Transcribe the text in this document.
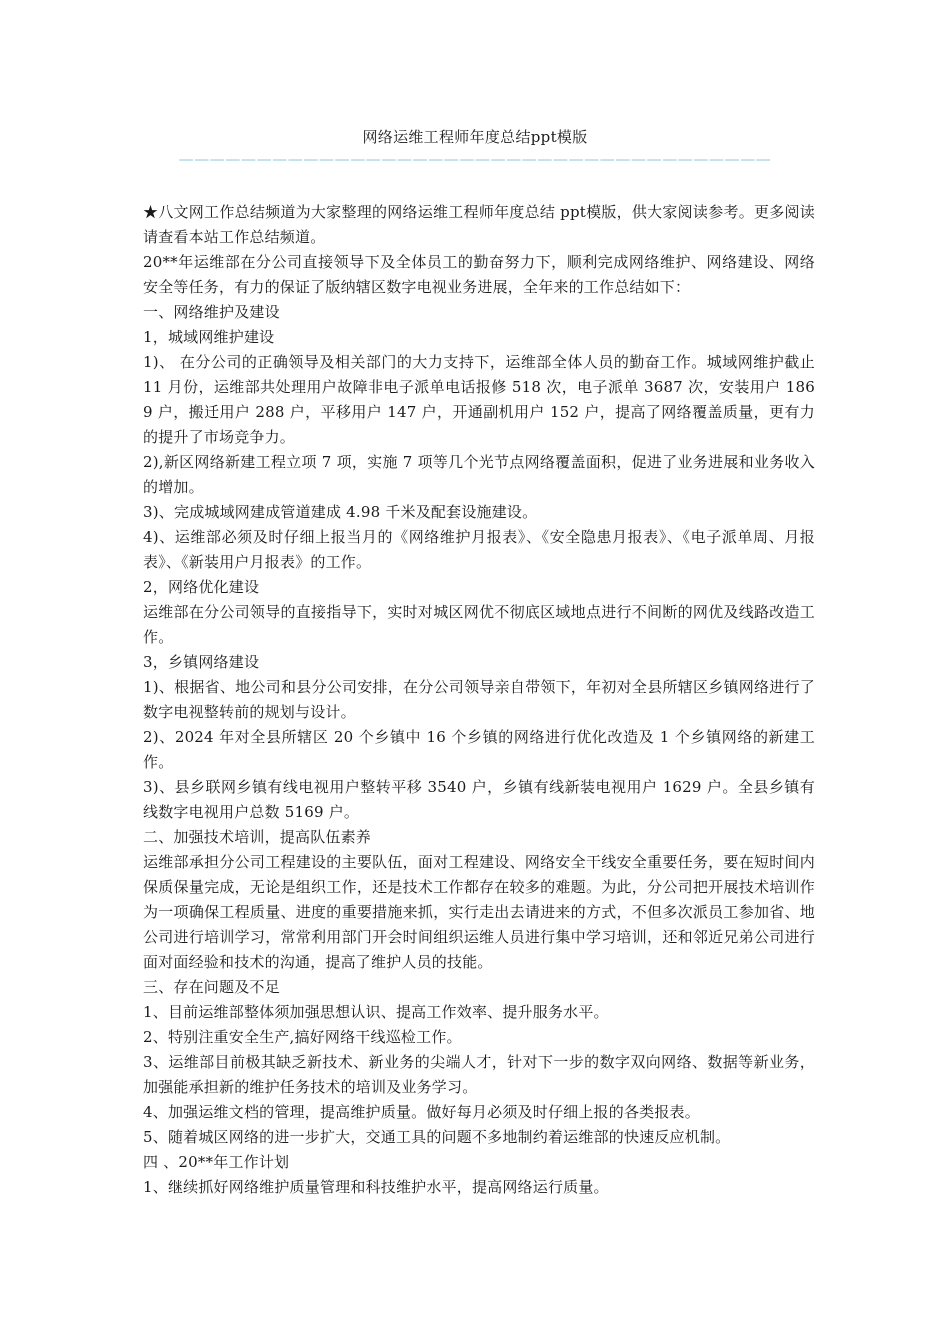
网络运维工程师年度总结ppt模版
——————————————————————————————————————

★八文网工作总结频道为大家整理的网络运维工程师年度总结 ppt模版，供大家阅读参考。更多阅读请查看本站工作总结频道。

20**年运维部在分公司直接领导下及全体员工的勤奋努力下，顺利完成网络维护、网络建设、网络安全等任务，有力的保证了版纳辖区数字电视业务进展，全年来的工作总结如下：

一、网络维护及建设

1，城域网维护建设

1)、 在分公司的正确领导及相关部门的大力支持下，运维部全体人员的勤奋工作。城域网维护截止 11 月份，运维部共处理用户故障非电子派单电话报修 518 次，电子派单 3687 次，安装用户 1869 户，搬迁用户 288 户，平移用户 147 户，开通副机用户 152 户，提高了网络覆盖质量，更有力的提升了市场竞争力。

2),新区网络新建工程立项 7 项，实施 7 项等几个光节点网络覆盖面积，促进了业务进展和业务收入的增加。

3)、完成城域网建成管道建成 4.98 千米及配套设施建设。

4)、运维部必须及时仔细上报当月的《网络维护月报表》、《安全隐患月报表》、《电子派单周、月报表》、《新装用户月报表》的工作。

2，网络优化建设

运维部在分公司领导的直接指导下，实时对城区网优不彻底区域地点进行不间断的网优及线路改造工作。

3，乡镇网络建设

1)、根据省、地公司和县分公司安排，在分公司领导亲自带领下，年初对全县所辖区乡镇网络进行了数字电视整转前的规划与设计。

2)、2024 年对全县所辖区 20 个乡镇中 16 个乡镇的网络进行优化改造及 1 个乡镇网络的新建工作。

3)、县乡联网乡镇有线电视用户整转平移 3540 户，乡镇有线新装电视用户 1629 户。全县乡镇有线数字电视用户总数 5169 户。

二、加强技术培训，提高队伍素养

运维部承担分公司工程建设的主要队伍，面对工程建设、网络安全干线安全重要任务，要在短时间内保质保量完成，无论是组织工作，还是技术工作都存在较多的难题。为此，分公司把开展技术培训作为一项确保工程质量、进度的重要措施来抓，实行走出去请进来的方式，不但多次派员工参加省、地公司进行培训学习，常常利用部门开会时间组织运维人员进行集中学习培训，还和邻近兄弟公司进行面对面经验和技术的沟通，提高了维护人员的技能。

三、存在问题及不足

1、目前运维部整体须加强思想认识、提高工作效率、提升服务水平。

2、特别注重安全生产,搞好网络干线巡检工作。

3、运维部目前极其缺乏新技术、新业务的尖端人才，针对下一步的数字双向网络、数据等新业务，加强能承担新的维护任务技术的培训及业务学习。

4、加强运维文档的管理，提高维护质量。做好每月必须及时仔细上报的各类报表。

5、随着城区网络的进一步扩大，交通工具的问题不多地制约着运维部的快速反应机制。

四 、20**年工作计划

1、继续抓好网络维护质量管理和科技维护水平，提高网络运行质量。
